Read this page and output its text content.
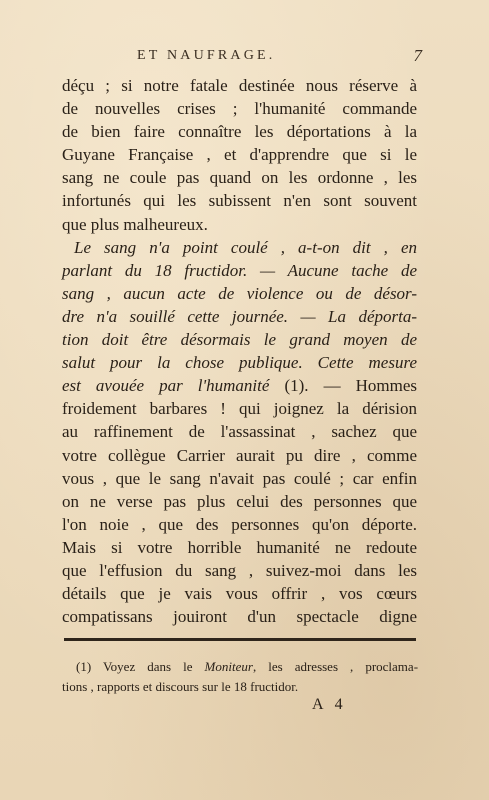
ET NAUFRAGE.	7
déçu ; si notre fatale destinée nous réserve à
de nouvelles crises ; l'humanité commande
de bien faire connaître les déportations à la
Guyane Française , et d'apprendre que si le
sang ne coule pas quand on les ordonne , les
infortunés qui les subissent n'en sont souvent
que plus malheureux.
Le sang n'a point coulé , a-t-on dit , en
parlant du 18 fructidor. — Aucune tache de
sang , aucun acte de violence ou de désor-
dre n'a souillé cette journée. — La déporta-
tion doit être désormais le grand moyen de
salut pour la chose publique. Cette mesure
est avouée par l'humanité (1). — Hommes
froidement barbares ! qui joignez la dérision
au raffinement de l'assassinat , sachez que
votre collègue Carrier aurait pu dire , comme
vous , que le sang n'avait pas coulé ; car enfin
on ne verse pas plus celui des personnes que
l'on noie , que des personnes qu'on déporte.
Mais si votre horrible humanité ne redoute
que l'effusion du sang , suivez-moi dans les
détails que je vais vous offrir , vos cœurs
compatissans jouiront d'un spectacle digne
(1) Voyez dans le Moniteur, les adresses , proclama-
tions , rapports et discours sur le 18 fructidor.
A 4
